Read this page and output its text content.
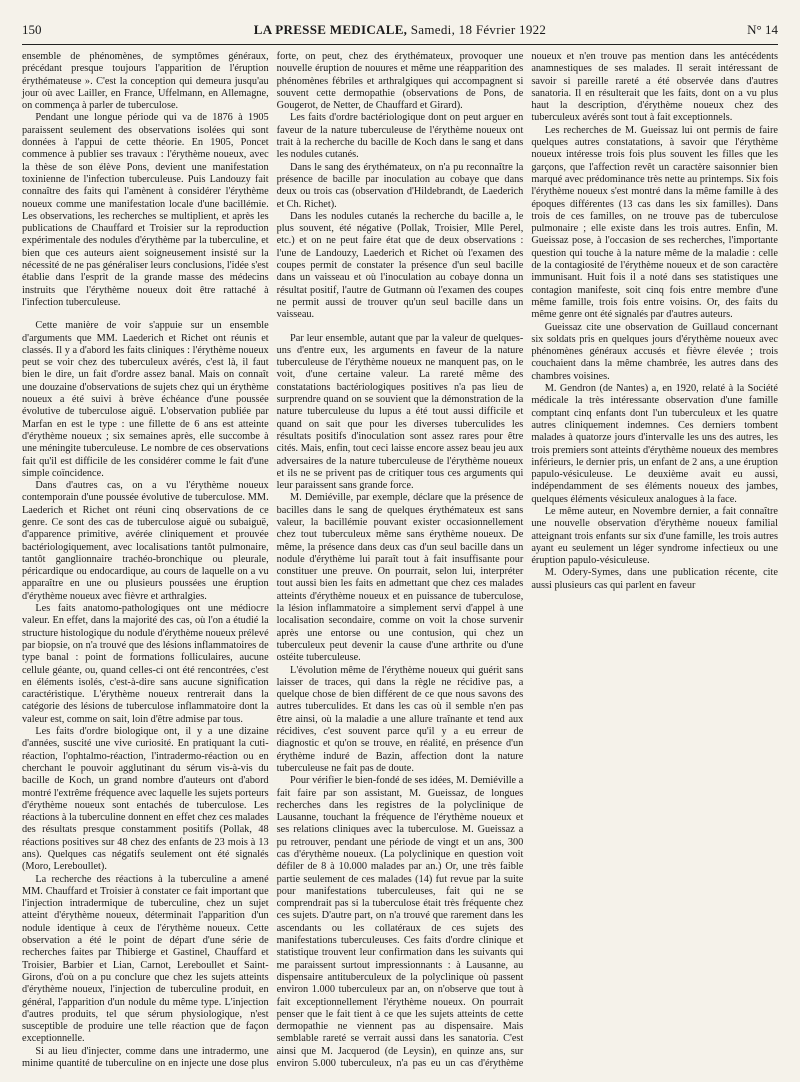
150	LA PRESSE MEDICALE, Samedi, 18 Février 1922	N° 14

ensemble de phénomènes, de symptômes généraux, précédant presque toujours l'apparition de l'éruption érythémateuse ». C'est la conception qui demeura jusqu'au jour où avec Lailler, en France, Uffelmann, en Allemagne, on commença à parler de tuberculose.

Pendant une longue période qui va de 1876 à 1905 paraissent seulement des observations isolées qui sont données à l'appui de cette théorie. En 1905, Poncet commence à publier ses travaux : l'érythème noueux, avec la thèse de son élève Pons, devient une manifestation toxinienne de l'infection tuberculeuse. Puis Landouzy fait connaître des faits qui l'amènent à considérer l'érythème noueux comme une manifestation locale d'une bacillémie. Les observations, les recherches se multiplient, et après les publications de Chauffard et Troisier sur la reproduction expérimentale des nodules d'érythème par la tuberculine, et bien que ces auteurs aient soigneusement insisté sur la nécessité de ne pas généraliser leurs conclusions, l'idée s'est établie dans l'esprit de la grande masse des médecins instruits que l'érythème noueux doit être rattaché à l'infection tuberculeuse.

Cette manière de voir s'appuie sur un ensemble d'arguments que MM. Laederich et Richet ont réunis et classés. Il y a d'abord les faits cliniques : l'érythème noueux peut se voir chez des tuberculeux avérés, c'est là, il faut bien le dire, un fait d'ordre assez banal. Mais on connaît une douzaine d'observations de sujets chez qui un érythème noueux a été suivi à brève échéance d'une poussée évolutive de tuberculose aiguë. L'observation publiée par Marfan en est le type : une fillette de 6 ans est atteinte d'érythème noueux ; six semaines après, elle succombe à une méningite tuberculeuse. Le nombre de ces observations fait qu'il est difficile de les considérer comme le fait d'une simple coïncidence.

Dans d'autres cas, on a vu l'érythème noueux contemporain d'une poussée évolutive de tuberculose. MM. Laederich et Richet ont réuni cinq observations de ce genre. Ce sont des cas de tuberculose aiguë ou subaiguë, d'apparence primitive, avérée cliniquement et prouvée bactériologiquement, avec localisations tantôt pulmonaire, tantôt ganglionnaire trachéo-bronchique ou pleurale, péricardique ou endocardique, au cours de laquelle on a vu apparaître en une ou plusieurs poussées une éruption d'érythème noueux avec fièvre et arthralgies.

Les faits anatomo-pathologiques ont une médiocre valeur. En effet, dans la majorité des cas, où l'on a étudié la structure histologique du nodule d'érythème noueux prélevé par biopsie, on n'a trouvé que des lésions inflammatoires de type banal : point de formations folliculaires, aucune cellule géante, ou, quand celles-ci ont été rencontrées, c'est en éléments isolés, c'est-à-dire sans aucune signification caractéristique. L'érythème noueux rentrerait dans la catégorie des lésions de tuberculose inflammatoire dont la valeur est, comme on sait, loin d'être admise par tous.

Les faits d'ordre biologique ont, il y a une dizaine d'années, suscité une vive curiosité. En pratiquant la cuti-réaction, l'ophtalmo-réaction, l'intradermo-réaction ou en cherchant le pouvoir agglutinant du sérum vis-à-vis du bacille de Koch, un grand nombre d'auteurs ont d'abord montré l'extrême fréquence avec laquelle les sujets porteurs d'érythème noueux sont entachés de tuberculose. Les réactions à la tuberculine donnent en effet chez ces malades des résultats presque constamment positifs (Pollak, 48 réactions positives sur 48 chez des enfants de 23 mois à 13 ans). Quelques cas négatifs seulement ont été signalés (Moro, Lereboullet).

La recherche des réactions à la tuberculine a amené MM. Chauffard et Troisier à constater ce fait important que l'injection intradermique de tuberculine, chez un sujet atteint d'érythème noueux, déterminait l'apparition d'un nodule identique à ceux de l'érythème noueux. Cette observation a été le point de départ d'une série de recherches faites par Thibierge et Gastinel, Chauffard et Troisier, Barbier et Lian, Carnot, Lereboullet et Saint-Girons, d'où on a pu conclure que chez les sujets atteints d'érythème noueux, l'injection de tuberculine produit, en général, l'apparition d'un nodule du même type. L'injection d'autres produits, tel que sérum physiologique, n'est susceptible de produire une telle réaction que de façon exceptionnelle.

Si au lieu d'injecter, comme dans une intradermo, une minime quantité de tuberculine on en injecte une dose plus forte, on peut, chez des érythémateux, provoquer une nouvelle éruption de nouures et même une réapparition des phénomènes fébriles et arthralgiques qui accompagnent si souvent cette dermopathie (observations de Pons, de Gougerot, de Netter, de Chauffard et Girard).

Les faits d'ordre bactériologique dont on peut arguer en faveur de la nature tuberculeuse de l'érythème noueux ont trait à la recherche du bacille de Koch dans le sang et dans les nodules cutanés.

Dans le sang des érythémateux, on n'a pu reconnaître la présence de bacille par inoculation au cobaye que dans deux ou trois cas (observation d'Hildebrandt, de Laederich et Ch. Richet).

Dans les nodules cutanés la recherche du bacille a, le plus souvent, été négative (Pollak, Troisier, Mlle Perel, etc.) et on ne peut faire état que de deux observations : l'une de Landouzy, Laederich et Richet où l'examen des coupes permit de constater la présence d'un seul bacille dans un vaisseau et où l'inoculation au cobaye donna un résultat positif, l'autre de Gutmann où l'examen des coupes ne permit aussi de trouver qu'un seul bacille dans un vaisseau.

Par leur ensemble, autant que par la valeur de quelques-uns d'entre eux, les arguments en faveur de la nature tuberculeuse de l'érythème noueux ne manquent pas, on le voit, d'une certaine valeur. La rareté même des constatations bactériologiques positives n'a pas lieu de surprendre quand on se souvient que la démonstration de la nature tuberculeuse du lupus a été tout aussi difficile et quand on sait que pour les diverses tuberculides les résultats positifs d'inoculation sont assez rares pour être cités. Mais, enfin, tout ceci laisse encore assez beau jeu aux adversaires de la nature tuberculeuse de l'érythème noueux et ils ne se privent pas de critiquer tous ces arguments qui leur paraissent sans grande force.

M. Demiéville, par exemple, déclare que la présence de bacilles dans le sang de quelques érythémateux est sans valeur, la bacillémie pouvant exister occasionnellement chez tout tuberculeux même sans érythème noueux. De même, la présence dans deux cas d'un seul bacille dans un nodule d'érythème lui paraît tout à fait insuffisante pour constituer une preuve. On pourrait, selon lui, interpréter tout aussi bien les faits en admettant que chez ces malades atteints d'érythème noueux et en puissance de tuberculose, la lésion inflammatoire a simplement servi d'appel à une localisation secondaire, comme on voit la chose survenir après une entorse ou une contusion, qui chez un tuberculeux peut devenir la cause d'une arthrite ou d'une ostéite tuberculeuse.

L'évolution même de l'érythème noueux qui guérit sans laisser de traces, qui dans la règle ne récidive pas, a quelque chose de bien différent de ce que nous savons des autres tuberculides. Et dans les cas où il semble n'en pas être ainsi, où la maladie a une allure traînante et tend aux récidives, c'est souvent parce qu'il y a eu erreur de diagnostic et qu'on se trouve, en réalité, en présence d'un érythème induré de Bazin, affection dont la nature tuberculeuse ne fait pas de doute.

Pour vérifier le bien-fondé de ses idées, M. Demiéville a fait faire par son assistant, M. Gueissaz, de longues recherches dans les registres de la polyclinique de Lausanne, touchant la fréquence de l'érythème noueux et ses relations cliniques avec la tuberculose. M. Gueissaz a pu retrouver, pendant une période de vingt et un ans, 300 cas d'érythème noueux. (La polyclinique en question voit défiler de 8 à 10.000 malades par an.) Or, une très faible partie seulement de ces malades (14) fut revue par la suite pour manifestations tuberculeuses, fait qui ne se comprendrait pas si la tuberculose était très fréquente chez ces sujets. D'autre part, on n'a trouvé que rarement dans les ascendants ou les collatéraux de ces sujets des manifestations tuberculeuses. Ces faits d'ordre clinique et statistique trouvent leur confirmation dans les suivants qui me paraissent surtout impressionnants : à Lausanne, au dispensaire antituberculeux de la polyclinique où passent environ 1.000 tuberculeux par an, on n'observe que tout à fait exceptionnellement l'érythème noueux. On pourrait penser que le fait tient à ce que les sujets atteints de cette dermopathie ne viennent pas au dispensaire. Mais semblable rareté se verrait aussi dans les sanatoria. C'est ainsi que M. Jacquerod (de Leysin), en quinze ans, sur environ 5.000 tuberculeux, n'a pas eu un cas d'érythème noueux et n'en trouve pas mention dans les antécédents anamnestiques de ses malades. Il serait intéressant de savoir si pareille rareté a été observée dans d'autres sanatoria. Il en résulterait que les faits, dont on a vu plus haut la description, d'érythème noueux chez des tuberculeux avérés sont tout à fait exceptionnels.

Les recherches de M. Gueissaz lui ont permis de faire quelques autres constatations, à savoir que l'érythème noueux intéresse trois fois plus souvent les filles que les garçons, que l'affection revêt un caractère saisonnier bien marqué avec prédominance très nette au printemps. Six fois l'érythème noueux s'est montré dans la même famille à des époques différentes (13 cas dans les six familles). Dans trois de ces familles, on ne trouve pas de tuberculose pulmonaire ; elle existe dans les trois autres. Enfin, M. Gueissaz pose, à l'occasion de ses recherches, l'importante question qui touche à la nature même de la maladie : celle de la contagiosité de l'érythème noueux et de son caractère immunisant. Huit fois il a noté dans ses statistiques une contagion manifeste, soit cinq fois entre membre d'une même famille, trois fois entre voisins. Or, des faits du même genre ont été signalés par d'autres auteurs.

Gueissaz cite une observation de Guillaud concernant six soldats pris en quelques jours d'érythème noueux avec phénomènes généraux accusés et fièvre élevée ; trois couchaient dans la même chambrée, les autres dans des chambres voisines.

M. Gendron (de Nantes) a, en 1920, relaté à la Société médicale la très intéressante observation d'une famille comptant cinq enfants dont l'un tuberculeux et les quatre autres cliniquement indemnes. Ces derniers tombent malades à quatorze jours d'intervalle les uns des autres, les trois premiers sont atteints d'érythème noueux des membres inférieurs, le dernier pris, un enfant de 2 ans, a une éruption papulo-vésiculeuse. Le deuxième avait eu aussi, indépendamment de ses éléments noueux des jambes, quelques éléments vésiculeux analogues à la face.

Le même auteur, en Novembre dernier, a fait connaître une nouvelle observation d'érythème noueux familial atteignant trois enfants sur six d'une famille, les trois autres ayant eu seulement un léger syndrome infectieux ou une éruption papulo-vésiculeuse.

M. Odery-Symes, dans une publication récente, cite aussi plusieurs cas qui parlent en faveur
